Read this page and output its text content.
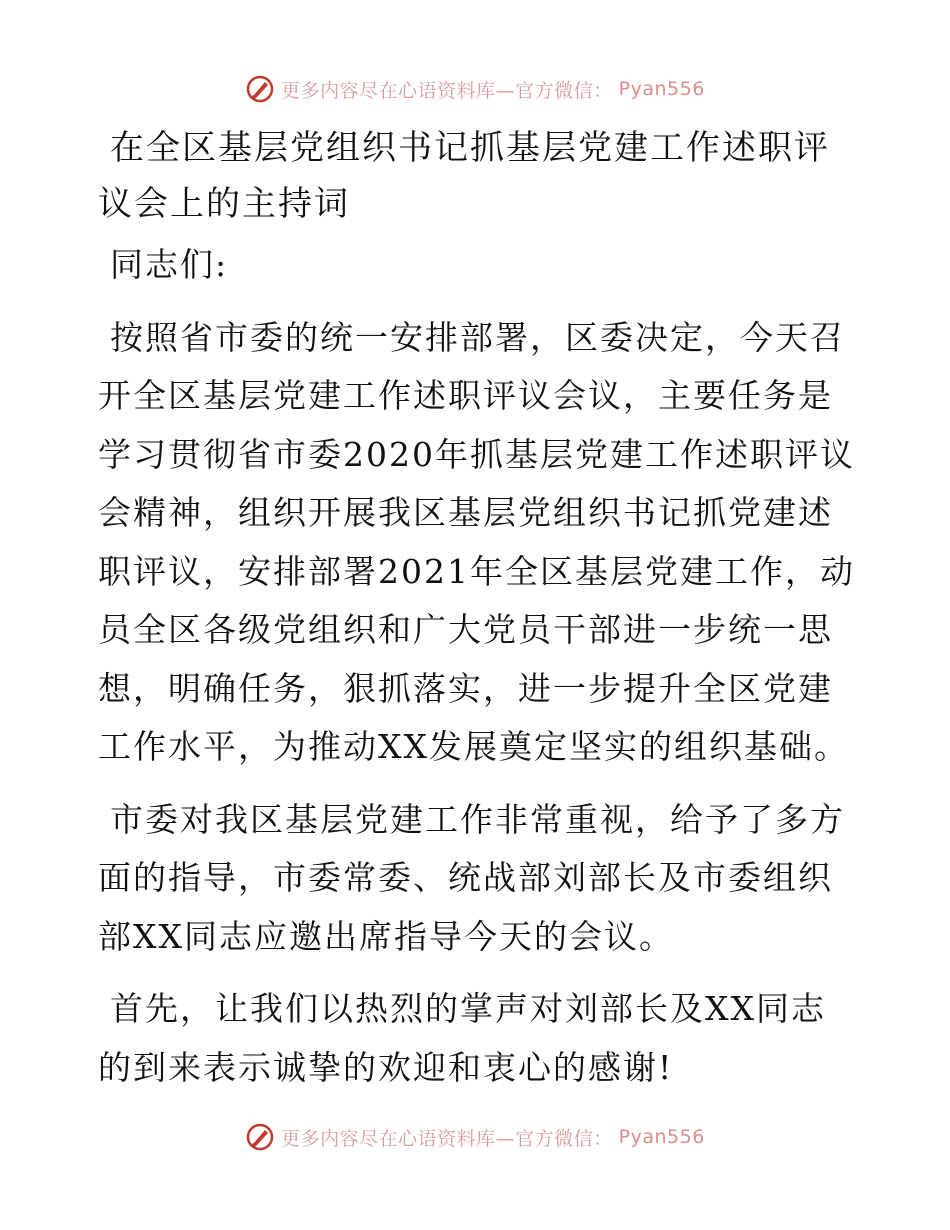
更多内容尽在心语资料库—官方微信： Pyan556
在全区基层党组织书记抓基层党建工作述职评议会上的主持词

同志们:

按照省市委的统一安排部署，区委决定，今天召开全区基层党建工作述职评议会议，主要任务是学习贯彻省市委2020年抓基层党建工作述职评议会精神，组织开展我区基层党组织书记抓党建述职评议，安排部署2021年全区基层党建工作，动员全区各级党组织和广大党员干部进一步统一思想，明确任务，狠抓落实，进一步提升全区党建工作水平，为推动XX发展奠定坚实的组织基础。

市委对我区基层党建工作非常重视，给予了多方面的指导，市委常委、统战部刘部长及市委组织部XX同志应邀出席指导今天的会议。

首先，让我们以热烈的掌声对刘部长及XX同志的到来表示诚挚的欢迎和衷心的感谢!

更多内容尽在心语资料库—官方微信： Pyan556
